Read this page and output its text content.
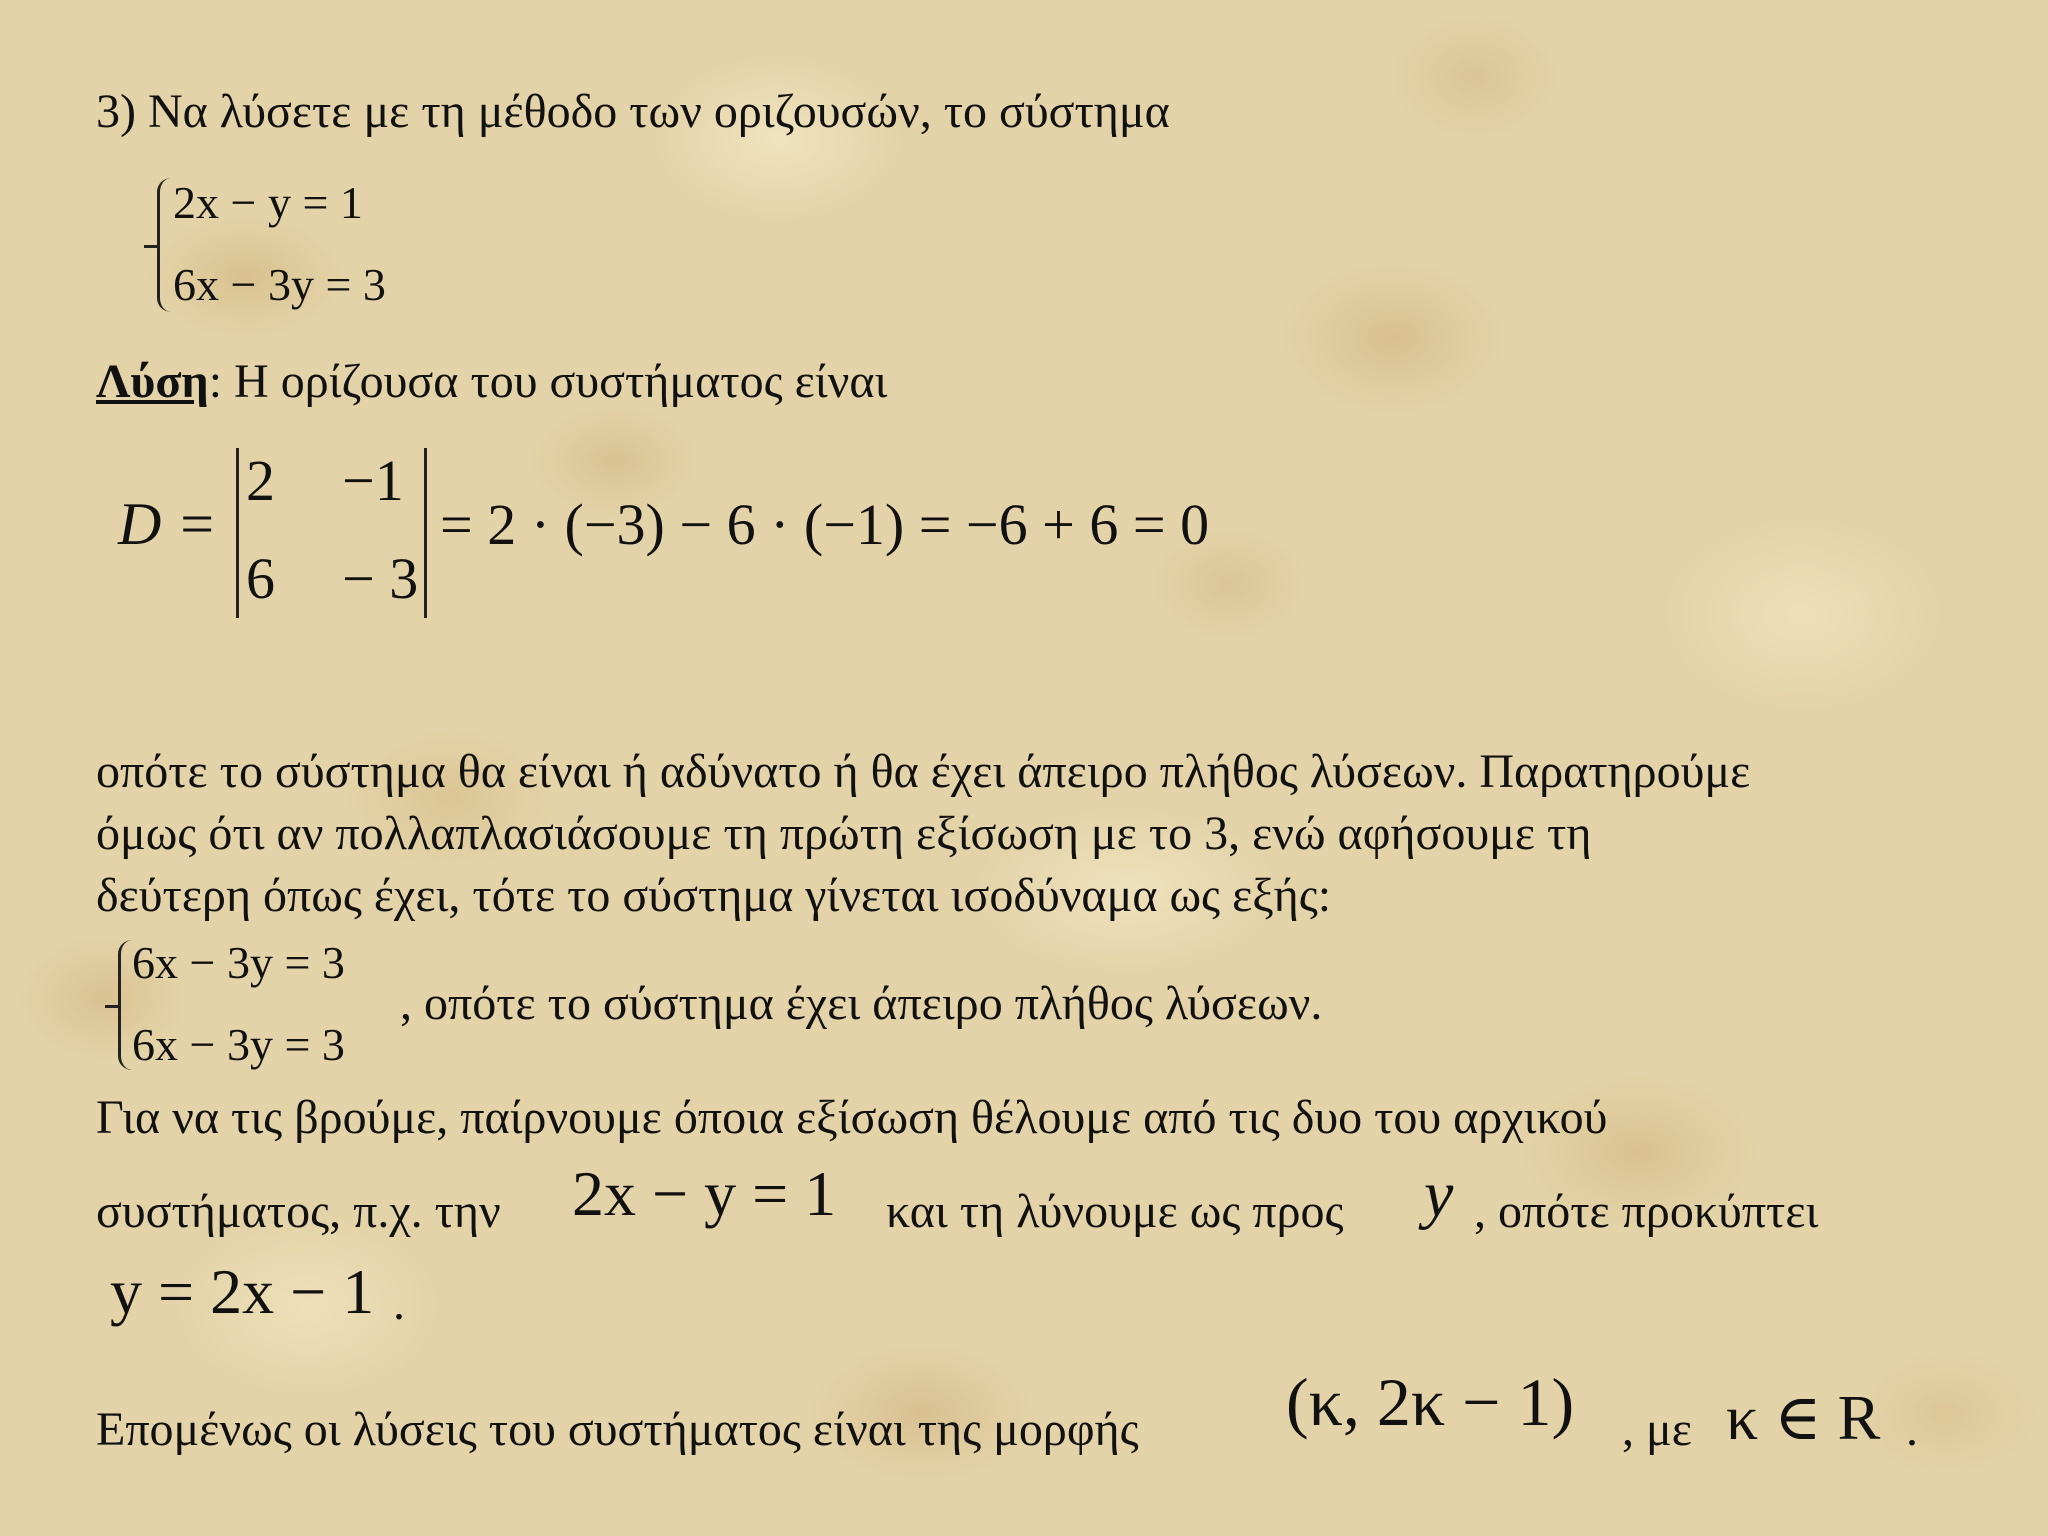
3) Να λύσετε με τη μέθοδο των οριζουσών, το σύστημα
2x − y = 1
6x − 3y = 3
Λύση: Η ορίζουσα του συστήματος είναι
D =
2 −1
6 − 3
= 2 · (−3) − 6 · (−1) = −6 + 6 = 0
οπότε το σύστημα θα είναι ή αδύνατο ή θα έχει άπειρο πλήθος λύσεων. Παρατηρούμε
όμως ότι αν πολλαπλασιάσουμε τη πρώτη εξίσωση με το 3, ενώ αφήσουμε τη
δεύτερη όπως έχει, τότε το σύστημα γίνεται ισοδύναμα ως εξής:
6x − 3y = 3
6x − 3y = 3
, οπότε το σύστημα έχει άπειρο πλήθος λύσεων.
Για να τις βρούμε, παίρνουμε όποια εξίσωση θέλουμε από τις δυο του αρχικού
συστήματος, π.χ. την 2x − y = 1 και τη λύνουμε ως προς y , οπότε προκύπτει
y = 2x − 1 .
Επομένως οι λύσεις του συστήματος είναι της μορφής (κ, 2κ − 1) , με κ ∈ R .
